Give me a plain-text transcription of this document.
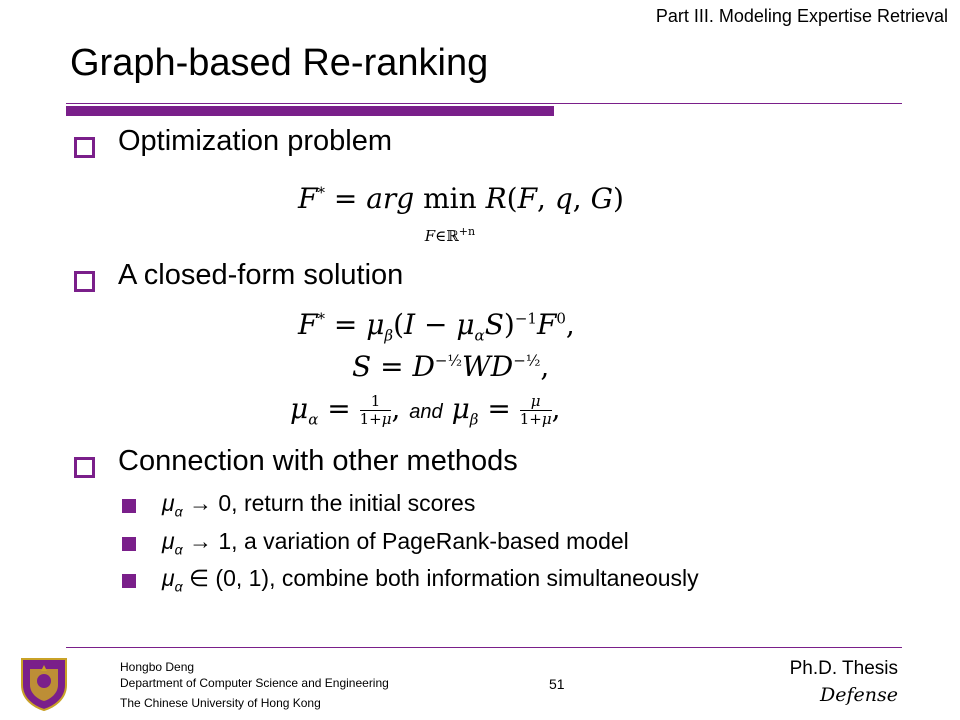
Part III. Modeling Expertise Retrieval
Graph-based Re-ranking
Optimization problem
F* = arg min
F∈ℝ$^{+n}$ R(F, q, G)
A closed-form solution
$F^* = \mu_\beta(I - \mu_\alpha S)^{-1}F^0$,
$S = D^{-\frac{1}{2}}WD^{-\frac{1}{2}}$,
$\mu_\alpha = \frac{1}{1+\mu}$, and $\mu_\beta = \frac{\mu}{1+\mu}$,
Connection with other methods
$\mu_\alpha \to 0$, return the initial scores
$\mu_\alpha \to 1$, a variation of PageRank-based model
$\mu_\alpha$ ∈ (0, 1), combine both information simultaneously
Hongbo Deng
Department of Computer Science and Engineering
The Chinese University of Hong Kong
51
Ph.D. Thesis
Defense
